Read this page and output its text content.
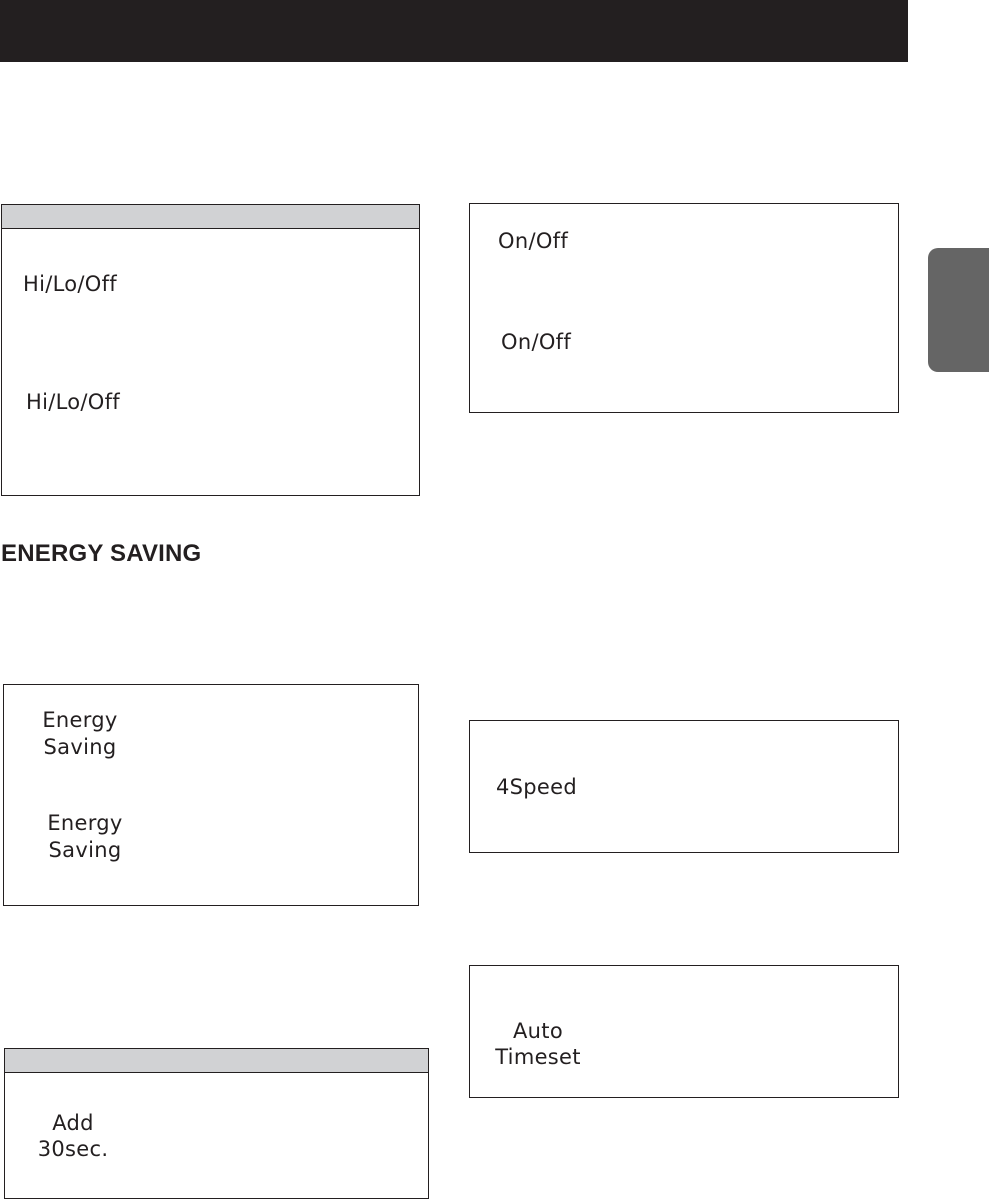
Hi/Lo/Off
Hi/Lo/Off
On/Off
On/Off
ENERGY SAVING
Energy
Saving
Energy
Saving
4Speed
Add
30sec.
Auto
Timeset
